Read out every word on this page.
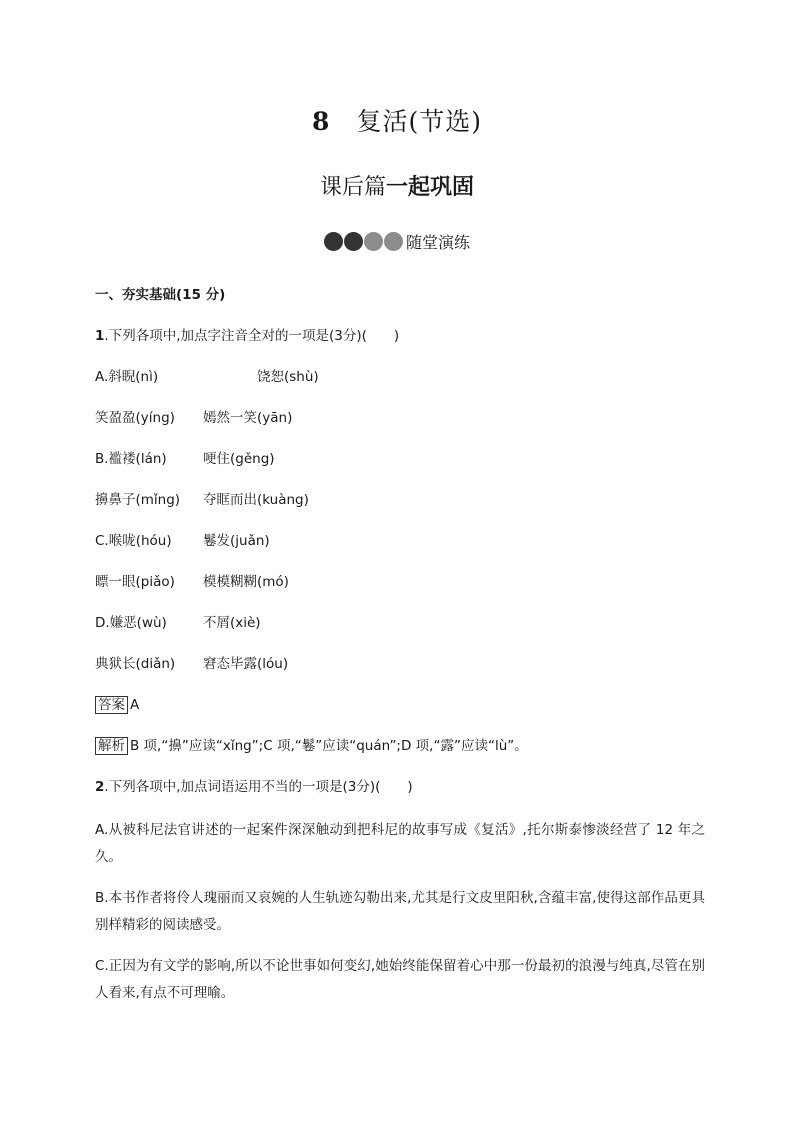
8 复活(节选)
课后篇一起巩固
随堂演练
一、夯实基础(15 分)
1.下列各项中,加点字注音全对的一项是(3分)(　　)
A.斜睨(nì)	饶恕(shù)
笑盈盈(yíng) 嫣然一笑(yān)
B.褴褛(lán)	哽住(gěng)
擤鼻子(mǐng) 夺眶而出(kuàng)
C.喉咙(hóu) 鬈发(juǎn)
瞟一眼(piǎo) 模模糊糊(mó)
D.嫌恶(wù)	不屑(xiè)
典狱长(diǎn) 窘态毕露(lóu)
答案 A
解析 B 项,“擤”应读“xǐng”;C 项,“鬈”应读“quán”;D 项,“露”应读“lù”。
2.下列各项中,加点词语运用不当的一项是(3分)(　　)
A.从被科尼法官讲述的一起案件深深触动到把科尼的故事写成《复活》,托尔斯泰惨淡经营了 12 年之久。
B.本书作者将伶人瑰丽而又哀婉的人生轨迹勾勒出来,尤其是行文皮里阳秋,含蕴丰富,使得这部作品更具别样精彩的阅读感受。
C.正因为有文学的影响,所以不论世事如何变幻,她始终能保留着心中那一份最初的浪漫与纯真,尽管在别人看来,有点不可理喻。
